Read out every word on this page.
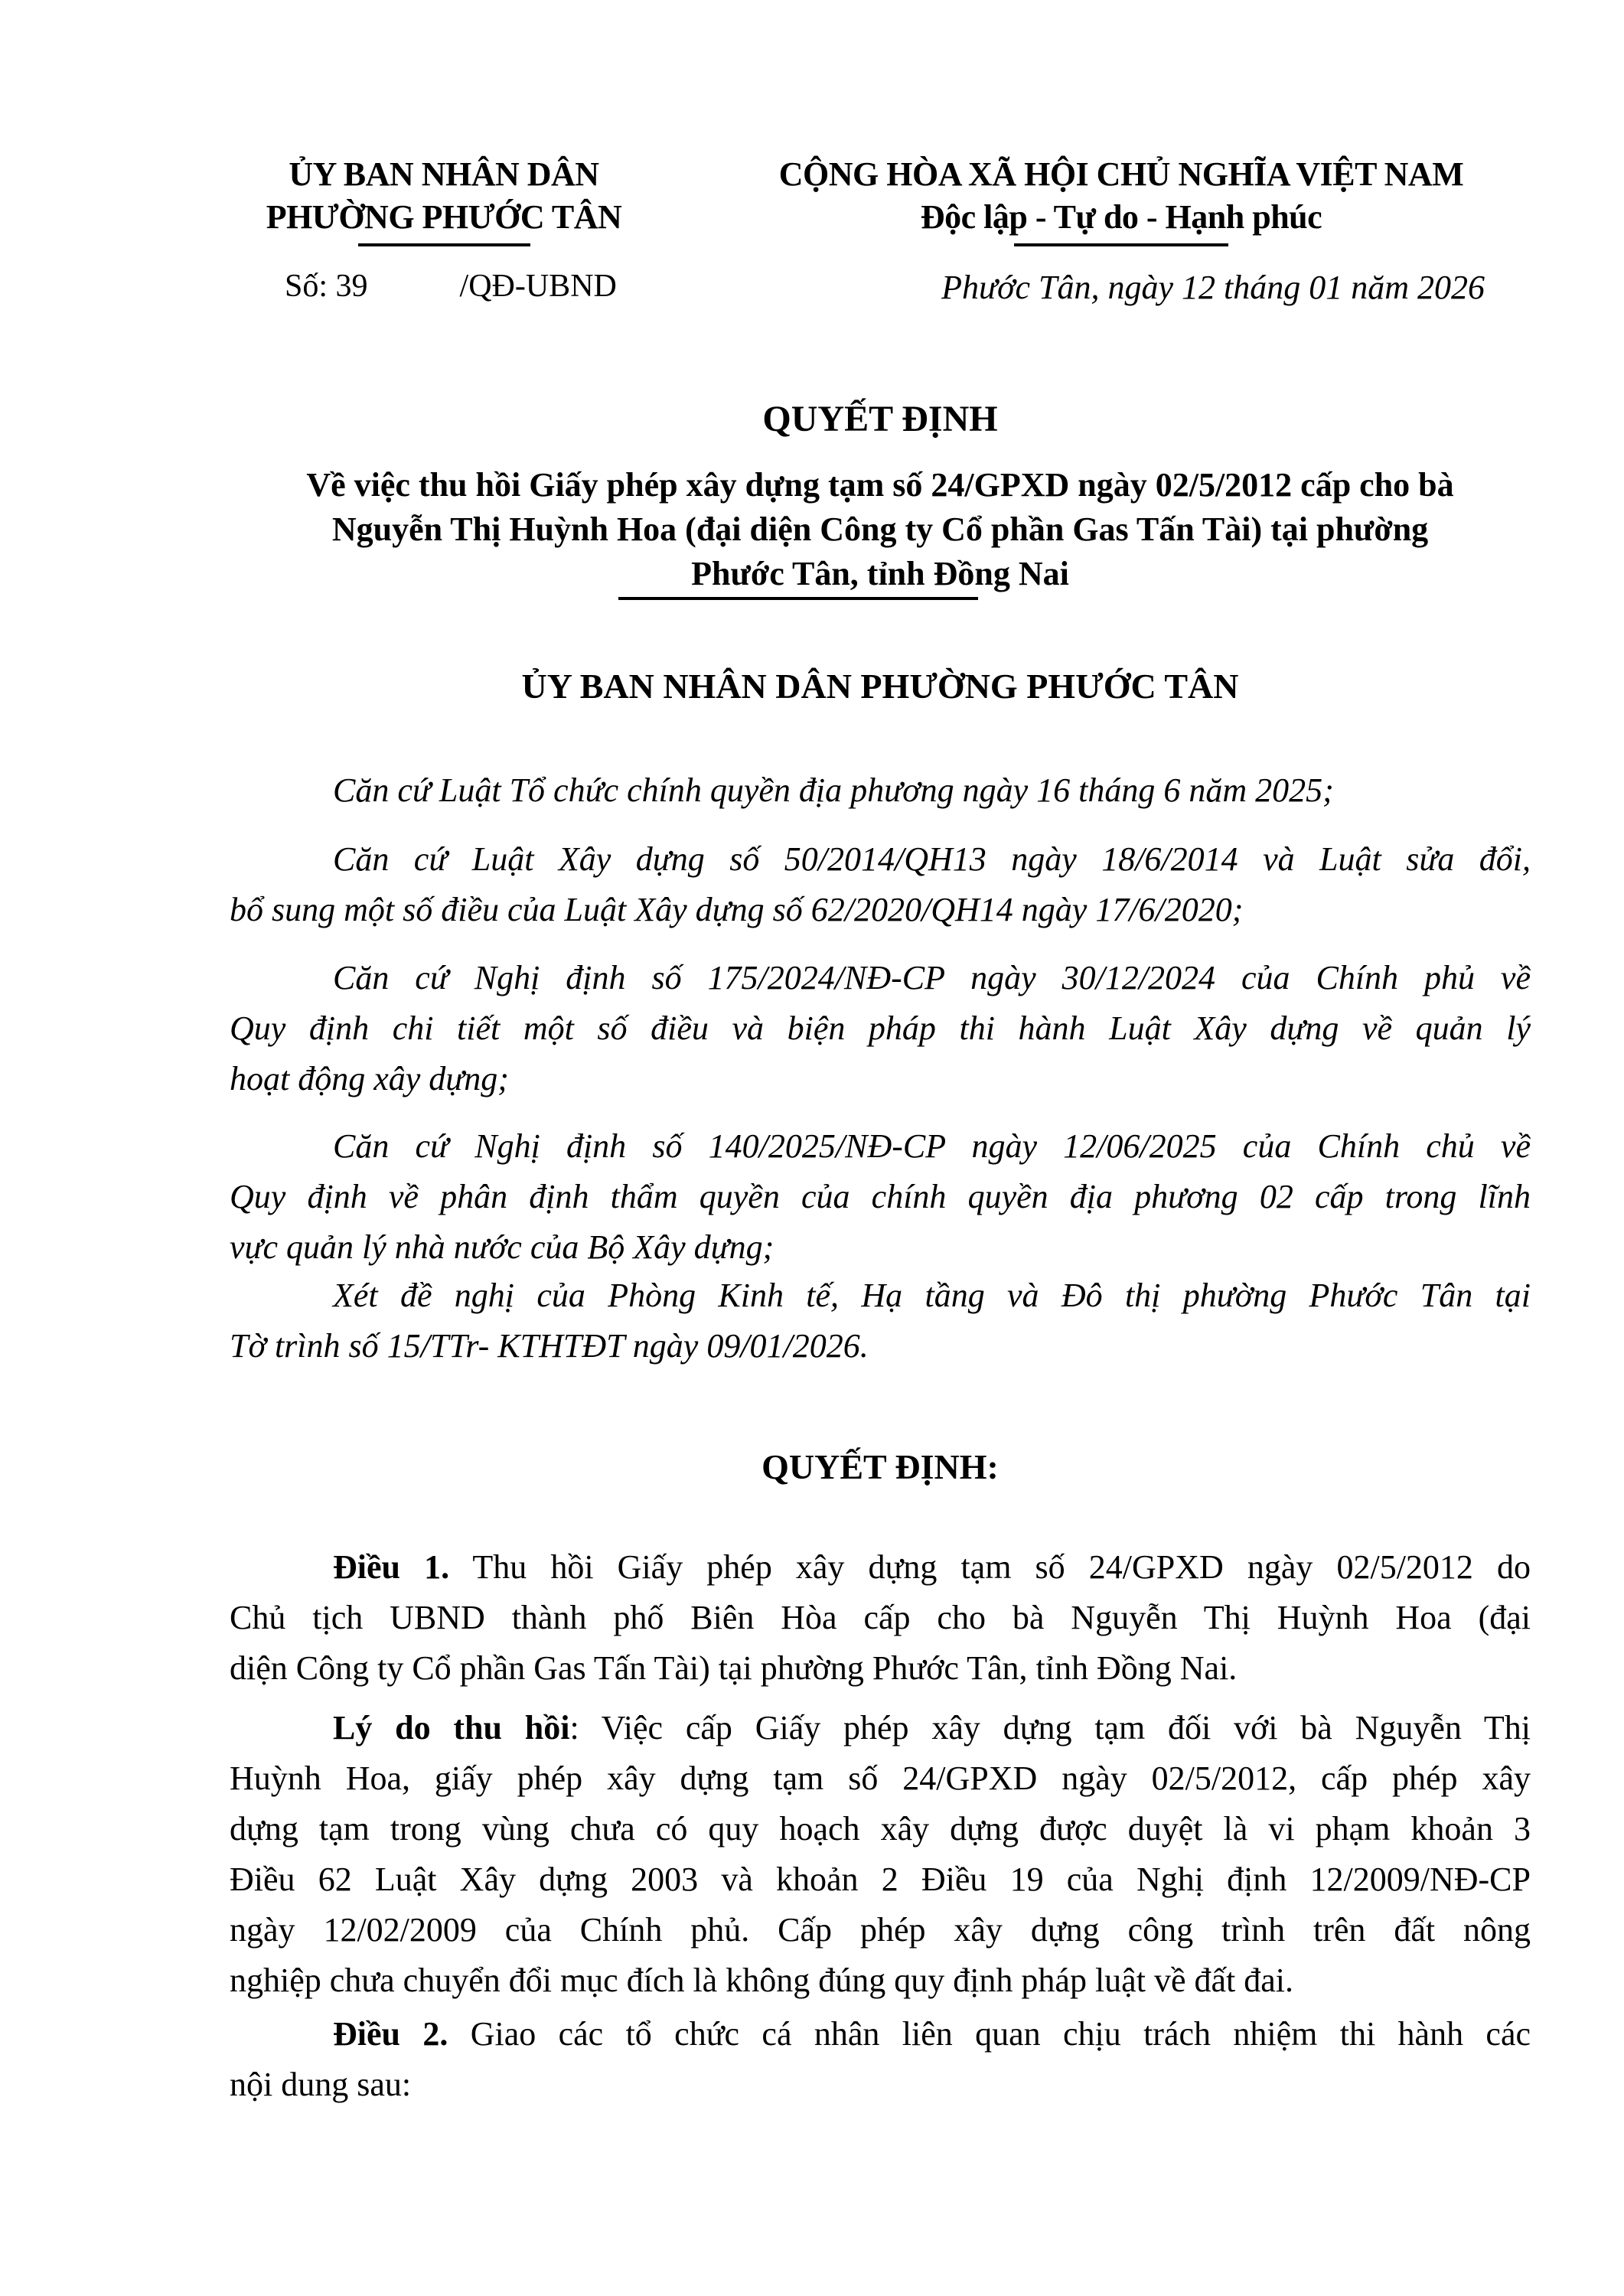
ỦY BAN NHÂN DÂN
PHƯỜNG PHƯỚC TÂN
CỘNG HÒA XÃ HỘI CHỦ NGHĨA VIỆT NAM
Độc lập - Tự do - Hạnh phúc
Số: 39	/QĐ-UBND	Phước Tân, ngày 12 tháng 01 năm 2026
QUYẾT ĐỊNH
Về việc thu hồi Giấy phép xây dựng tạm số 24/GPXD ngày 02/5/2012 cấp cho bà
Nguyễn Thị Huỳnh Hoa (đại diện Công ty Cổ phần Gas Tấn Tài) tại phường
Phước Tân, tỉnh Đồng Nai
ỦY BAN NHÂN DÂN PHƯỜNG PHƯỚC TÂN
Căn cứ Luật Tổ chức chính quyền địa phương ngày 16 tháng 6 năm 2025;
Căn cứ Luật Xây dựng số 50/2014/QH13 ngày 18/6/2014 và Luật sửa đổi,
bổ sung một số điều của Luật Xây dựng số 62/2020/QH14 ngày 17/6/2020;
Căn cứ Nghị định số 175/2024/NĐ-CP ngày 30/12/2024 của Chính phủ về
Quy định chi tiết một số điều và biện pháp thi hành Luật Xây dựng về quản lý
hoạt động xây dựng;
Căn cứ Nghị định số 140/2025/NĐ-CP ngày 12/06/2025 của Chính chủ về
Quy định về phân định thẩm quyền của chính quyền địa phương 02 cấp trong lĩnh
vực quản lý nhà nước của Bộ Xây dựng;
Xét đề nghị của Phòng Kinh tế, Hạ tầng và Đô thị phường Phước Tân tại
Tờ trình số 15/TTr- KTHTĐT ngày 09/01/2026.
QUYẾT ĐỊNH:
Điều 1. Thu hồi Giấy phép xây dựng tạm số 24/GPXD ngày 02/5/2012 do
Chủ tịch UBND thành phố Biên Hòa cấp cho bà Nguyễn Thị Huỳnh Hoa (đại
diện Công ty Cổ phần Gas Tấn Tài) tại phường Phước Tân, tỉnh Đồng Nai.
Lý do thu hồi: Việc cấp Giấy phép xây dựng tạm đối với bà Nguyễn Thị
Huỳnh Hoa, giấy phép xây dựng tạm số 24/GPXD ngày 02/5/2012, cấp phép xây
dựng tạm trong vùng chưa có quy hoạch xây dựng được duyệt là vi phạm khoản 3
Điều 62 Luật Xây dựng 2003 và khoản 2 Điều 19 của Nghị định 12/2009/NĐ-CP
ngày 12/02/2009 của Chính phủ. Cấp phép xây dựng công trình trên đất nông
nghiệp chưa chuyển đổi mục đích là không đúng quy định pháp luật về đất đai.
Điều 2. Giao các tổ chức cá nhân liên quan chịu trách nhiệm thi hành các
nội dung sau:
